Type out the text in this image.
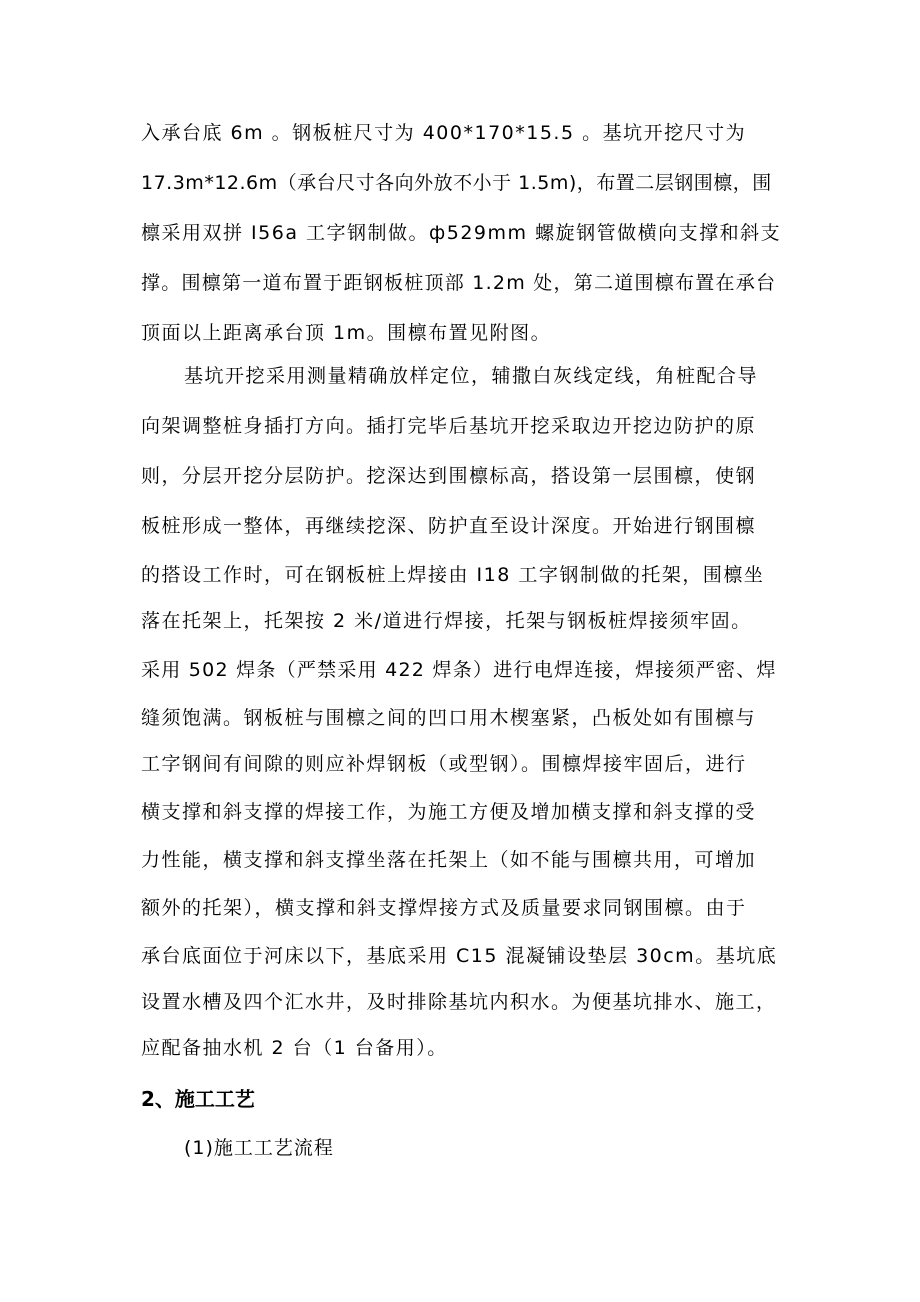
入承台底 6m 。钢板桩尺寸为 400*170*15.5 。基坑开挖尺寸为
17.3m*12.6m（承台尺寸各向外放不小于 1.5m)，布置二层钢围檩，围
檩采用双拼 I56a 工字钢制做。ф529mm 螺旋钢管做横向支撑和斜支
撑。围檩第一道布置于距钢板桩顶部 1.2m 处，第二道围檩布置在承台
顶面以上距离承台顶 1m。围檩布置见附图。
基坑开挖采用测量精确放样定位，辅撒白灰线定线，角桩配合导
向架调整桩身插打方向。插打完毕后基坑开挖采取边开挖边防护的原
则，分层开挖分层防护。挖深达到围檩标高，搭设第一层围檩，使钢
板桩形成一整体，再继续挖深、防护直至设计深度。开始进行钢围檩
的搭设工作时，可在钢板桩上焊接由 I18 工字钢制做的托架，围檩坐
落在托架上，托架按 2 米/道进行焊接，托架与钢板桩焊接须牢固。
采用 502 焊条（严禁采用 422 焊条）进行电焊连接，焊接须严密、焊
缝须饱满。钢板桩与围檩之间的凹口用木楔塞紧，凸板处如有围檩与
工字钢间有间隙的则应补焊钢板（或型钢）。围檩焊接牢固后，进行
横支撑和斜支撑的焊接工作，为施工方便及增加横支撑和斜支撑的受
力性能，横支撑和斜支撑坐落在托架上（如不能与围檩共用，可增加
额外的托架），横支撑和斜支撑焊接方式及质量要求同钢围檩。由于
承台底面位于河床以下，基底采用 C15 混凝铺设垫层 30cm。基坑底
设置水槽及四个汇水井，及时排除基坑内积水。为便基坑排水、施工，
应配备抽水机 2 台（1 台备用）。
2、施工工艺
(1)施工工艺流程
